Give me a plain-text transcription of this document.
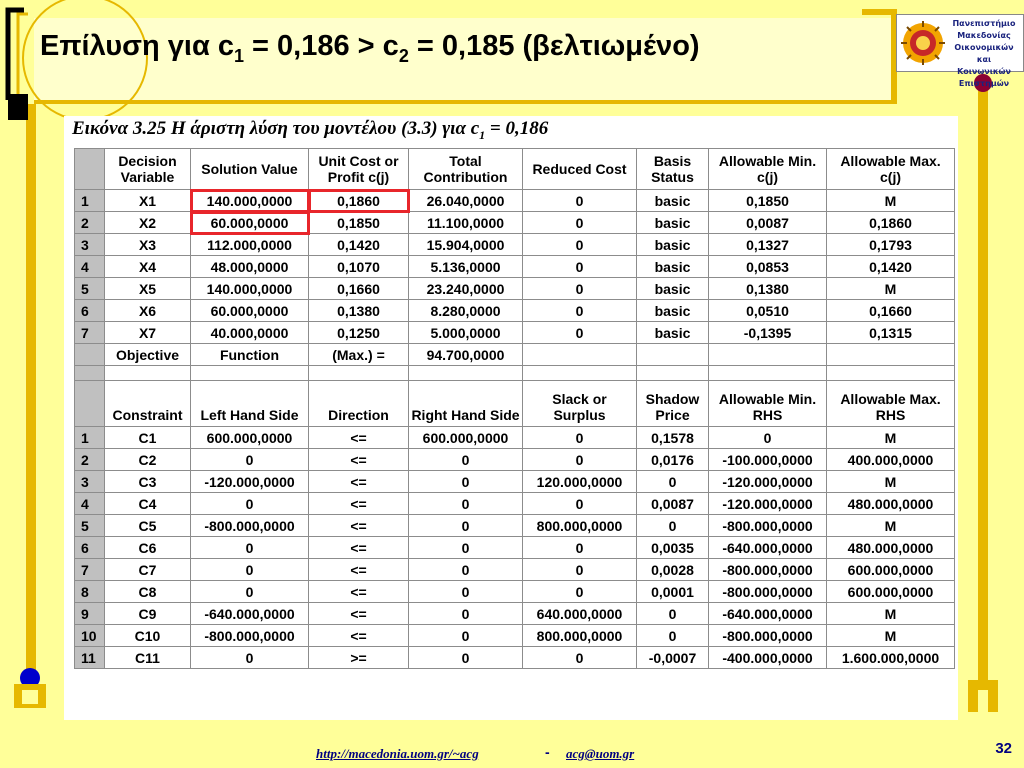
Επίλυση για $c_1 = 0,186 > c_2 = 0,185$ (βελτιωμένο)
Πανεπιστήμιο
Μακεδονίας
Οικονομικών και
Κοινωνικών Επιστημών
Εικόνα 3.25 Η άριστη λύση του μοντέλου (3.3) για $c_1 = 0,186$
	Decision Variable	Solution Value	Unit Cost or Profit c(j)	Total Contribution	Reduced Cost	Basis Status	Allowable Min. c(j)	Allowable Max. c(j)
1	X1	140.000,0000	0,1860	26.040,0000	0	basic	0,1850	M
2	X2	60.000,0000	0,1850	11.100,0000	0	basic	0,0087	0,1860
3	X3	112.000,0000	0,1420	15.904,0000	0	basic	0,1327	0,1793
4	X4	48.000,0000	0,1070	5.136,0000	0	basic	0,0853	0,1420
5	X5	140.000,0000	0,1660	23.240,0000	0	basic	0,1380	M
6	X6	60.000,0000	0,1380	8.280,0000	0	basic	0,0510	0,1660
7	X7	40.000,0000	0,1250	5.000,0000	0	basic	-0,1395	0,1315
	Objective	Function	(Max.) =	94.700,0000				

	Constraint	Left Hand Side	Direction	Right Hand Side	Slack or Surplus	Shadow Price	Allowable Min. RHS	Allowable Max. RHS
1	C1	600.000,0000	<=	600.000,0000	0	0,1578	0	M
2	C2	0	<=	0	0	0,0176	-100.000,0000	400.000,0000
3	C3	-120.000,0000	<=	0	120.000,0000	0	-120.000,0000	M
4	C4	0	<=	0	0	0,0087	-120.000,0000	480.000,0000
5	C5	-800.000,0000	<=	0	800.000,0000	0	-800.000,0000	M
6	C6	0	<=	0	0	0,0035	-640.000,0000	480.000,0000
7	C7	0	<=	0	0	0,0028	-800.000,0000	600.000,0000
8	C8	0	<=	0	0	0,0001	-800.000,0000	600.000,0000
9	C9	-640.000,0000	<=	0	640.000,0000	0	-640.000,0000	M
10	C10	-800.000,0000	<=	0	800.000,0000	0	-800.000,0000	M
11	C11	0	>=	0	0	-0,0007	-400.000,0000	1.600.000,0000
http://macedonia.uom.gr/~acg	- acg@uom.gr	32
